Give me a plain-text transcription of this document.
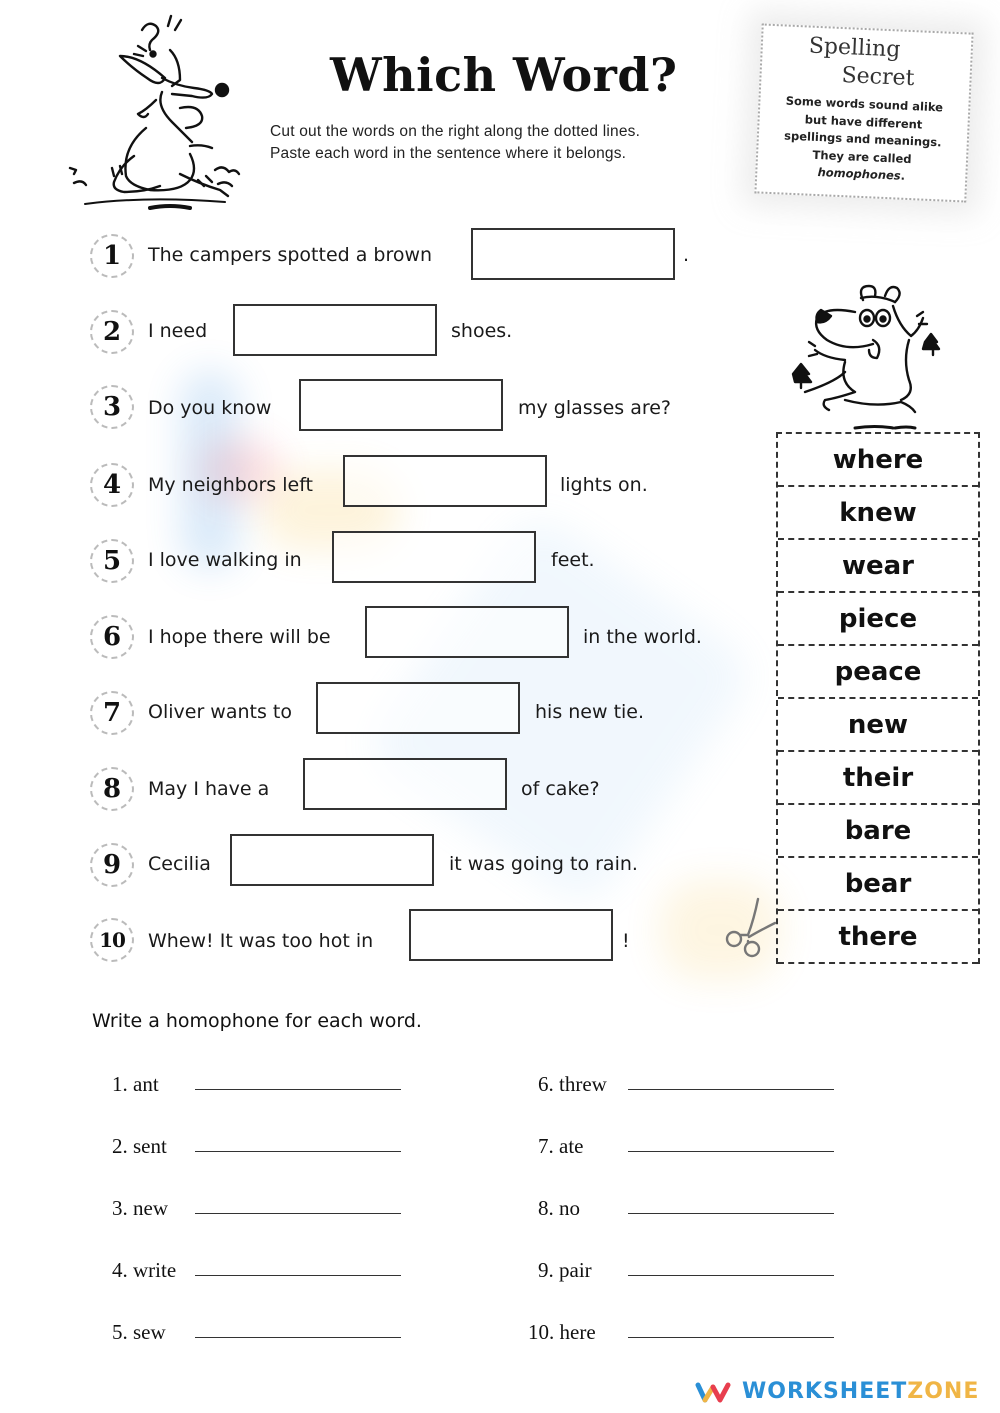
Which Word?
Cut out the words on the right along the dotted lines.
Paste each word in the sentence where it belongs.
Spelling
Secret
Some words sound alike
but have different
spellings and meanings.
They are called
homophones.
1	The campers spotted a brown	.
2	I need	shoes.
3	Do you know	my glasses are?
4	My neighbors left	lights on.
5	I love walking in	feet.
6	I hope there will be	in the world.
7	Oliver wants to	his new tie.
8	May I have a	of cake?
9	Cecilia	it was going to rain.
10	Whew! It was too hot in	!
where
knew
wear
piece
peace
new
their
bare
bear
there
Write a homophone for each word.
1. ant
2. sent
3. new
4. write
5. sew
6. threw
7. ate
8. no
9. pair
10. here
WORKSHEETZONE
